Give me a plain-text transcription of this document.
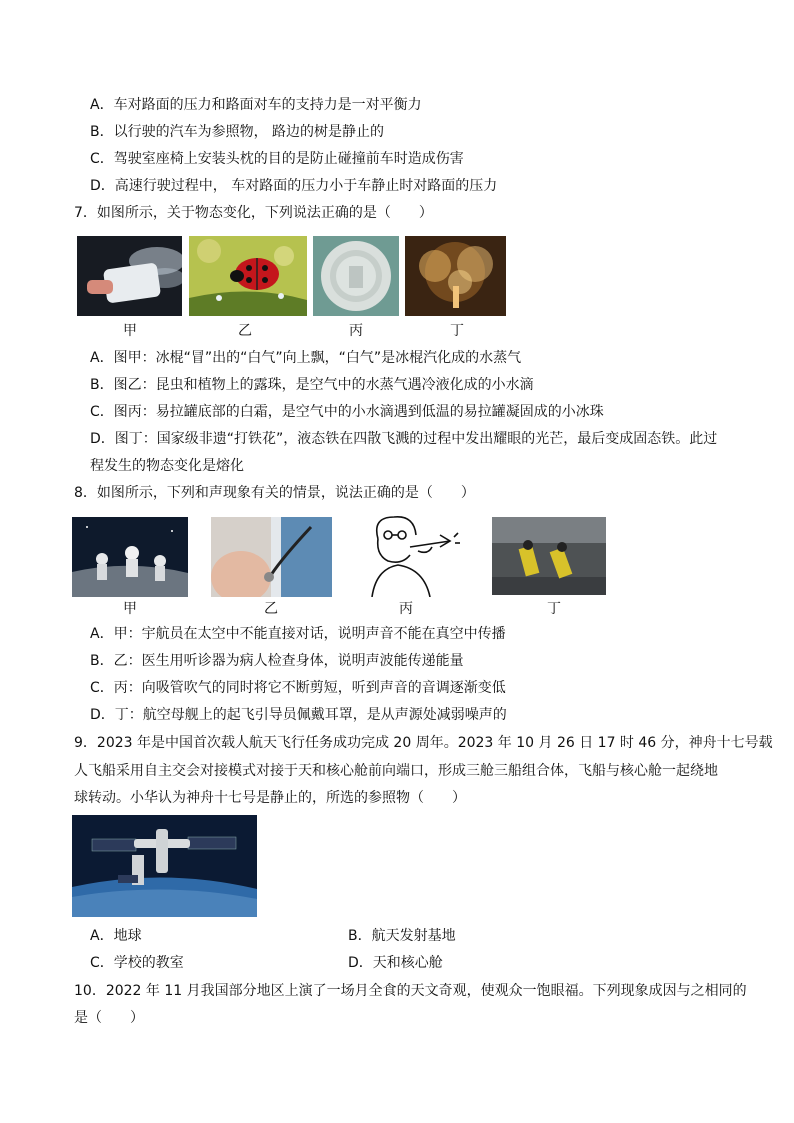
A．车对路面的压力和路面对车的支持力是一对平衡力
B．以行驶的汽车为参照物， 路边的树是静止的
C．驾驶室座椅上安装头枕的目的是防止碰撞前车时造成伤害
D．高速行驶过程中， 车对路面的压力小于车静止时对路面的压力
7．如图所示，关于物态变化，下列说法正确的是（　　）
甲	乙	丙	丁
A．图甲：冰棍“冒”出的“白气”向上飘，“白气”是冰棍汽化成的水蒸气
B．图乙：昆虫和植物上的露珠，是空气中的水蒸气遇冷液化成的小水滴
C．图丙：易拉罐底部的白霜，是空气中的小水滴遇到低温的易拉罐凝固成的小冰珠
D．图丁：国家级非遗“打铁花”，液态铁在四散飞溅的过程中发出耀眼的光芒，最后变成固态铁。此过
程发生的物态变化是熔化
8．如图所示，下列和声现象有关的情景，说法正确的是（　　）
甲	乙	丙	丁
A．甲：宇航员在太空中不能直接对话，说明声音不能在真空中传播
B．乙：医生用听诊器为病人检查身体，说明声波能传递能量
C．丙：向吸管吹气的同时将它不断剪短，听到声音的音调逐渐变低
D．丁：航空母舰上的起飞引导员佩戴耳罩，是从声源处减弱噪声的
9．2023 年是中国首次载人航天飞行任务成功完成 20 周年。2023 年 10 月 26 日 17 时 46 分，神舟十七号载
人飞船采用自主交会对接模式对接于天和核心舱前向端口，形成三舱三船组合体，飞船与核心舱一起绕地
球转动。小华认为神舟十七号是静止的，所选的参照物（　　）
A．地球	B．航天发射基地
C．学校的教室	D．天和核心舱
10．2022 年 11 月我国部分地区上演了一场月全食的天文奇观，使观众一饱眼福。下列现象成因与之相同的
是（　　）
